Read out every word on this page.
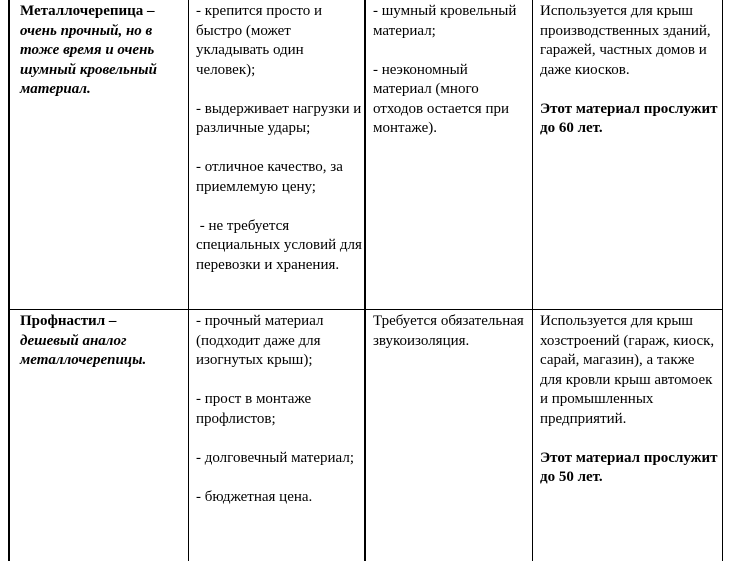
Металлочерепица –

очень прочный, но в тоже время и очень шумный кровельный материал.

- крепится просто и быстро (может укладывать один человек);

- выдерживает нагрузки и различные удары;

- отличное качество, за приемлемую цену;

- не требуется специальных условий для перевозки и хранения.

- шумный кровельный материал;

- неэкономный материал (много отходов остается при монтаже).

Используется для крыш производственных зданий, гаражей, частных домов и даже киосков.

Этот материал прослужит до 60 лет.

Профнастил –

дешевый аналог металлочерепицы.

- прочный материал (подходит даже для изогнутых крыш);

- прост в монтаже профлистов;

- долговечный материал;

- бюджетная цена.

Требуется обязательная звукоизоляция.

Используется для крыш хозстроений (гараж, киоск, сарай, магазин), а также для кровли крыш автомоек и промышленных предприятий.

Этот материал прослужит до 50 лет.
